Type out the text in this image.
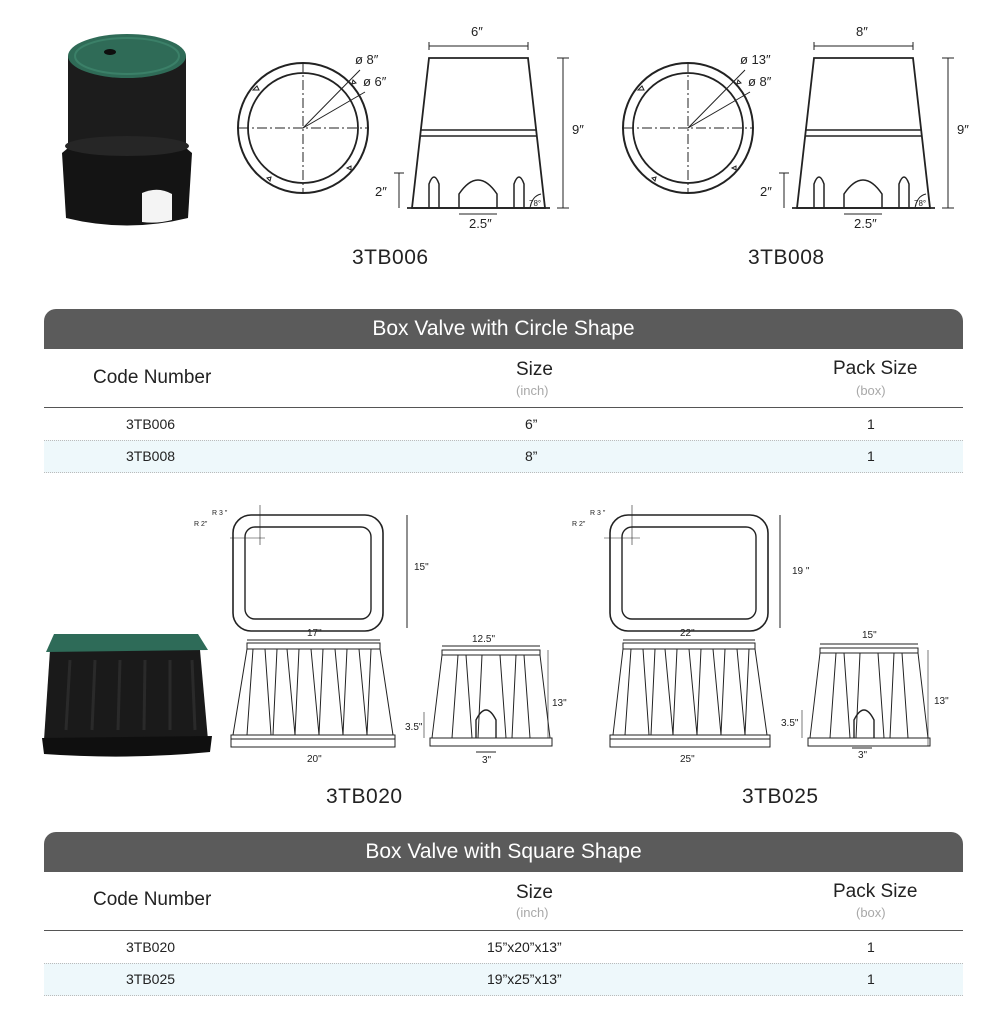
ø 8″
ø 6″
6″
78°
9″
2″
2.5″
3TB006
ø 13″
ø 8″
8″
78°
9″
2″
2.5″
3TB008
Box Valve with Circle Shape
Code Number	Size
(inch)
Pack Size
(box)
3TB006	6”	1
3TB008	8”	1
R 3 "
R 2"
15"
17"
20"
12.5"
13"
3.5"
3"
3TB020
R 3 "
R 2"
19 "
22"
25"
15"
13"
3.5"
3"
3TB025
Box Valve with Square Shape
Code Number	Size
(inch)
Pack Size
(box)
3TB020	15”x20”x13”	1
3TB025	19”x25”x13”	1
